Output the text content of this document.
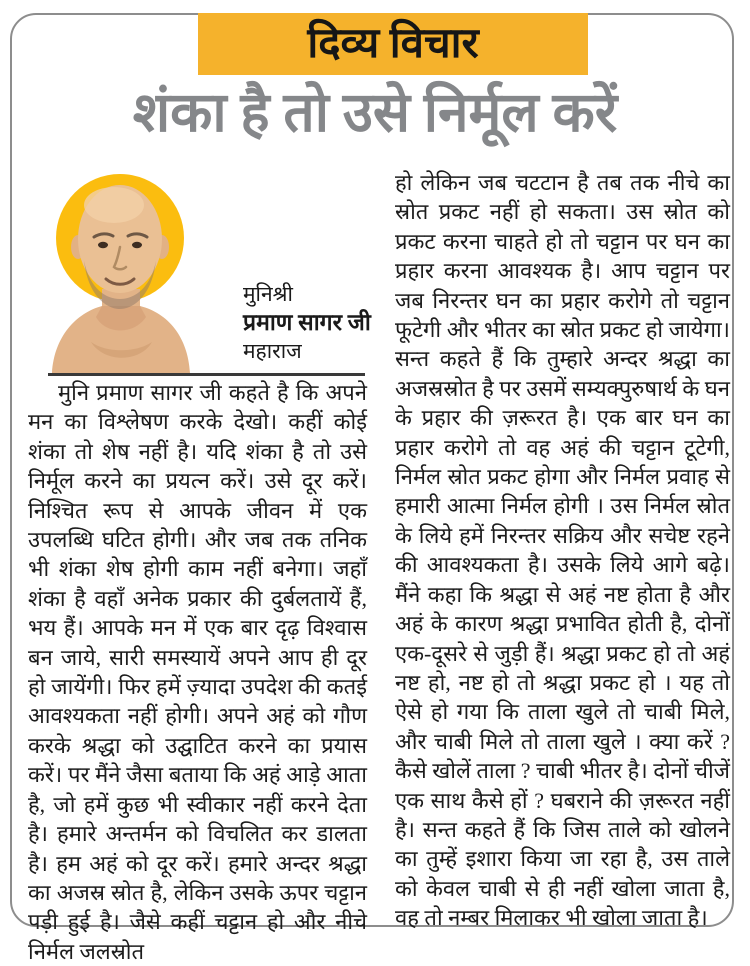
दिव्य विचार
शंका है तो उसे निर्मूल करें
मुनिश्री
प्रमाण सागर जी
महाराज

मुनि प्रमाण सागर जी कहते है कि अपने मन का विश्लेषण करके देखो। कहीं कोई शंका तो शेष नहीं है। यदि शंका है तो उसे निर्मूल करने का प्रयत्न करें। उसे दूर करें। निश्चित रूप से आपके जीवन में एक उपलब्धि घटित होगी। और जब तक तनिक भी शंका शेष होगी काम नहीं बनेगा। जहाँ शंका है वहाँ अनेक प्रकार की दुर्बलतायें हैं, भय हैं। आपके मन में एक बार दृढ़ विश्वास बन जाये, सारी समस्यायें अपने आप ही दूर हो जायेंगी। फिर हमें ज़्यादा उपदेश की कतई आवश्यकता नहीं होगी। अपने अहं को गौण करके श्रद्धा को उद्घाटित करने का प्रयास करें। पर मैंने जैसा बताया कि अहं आड़े आता है, जो हमें कुछ भी स्वीकार नहीं करने देता है। हमारे अन्तर्मन को विचलित कर डालता है। हम अहं को दूर करें। हमारे अन्दर श्रद्धा का अजस्र स्रोत है, लेकिन उसके ऊपर चट्टान पड़ी हुई है। जैसे कहीं चट्टान हो और नीचे निर्मल जलस्रोत

हो लेकिन जब चटटान है तब तक नीचे का स्रोत प्रकट नहीं हो सकता। उस स्रोत को प्रकट करना चाहते हो तो चट्टान पर घन का प्रहार करना आवश्यक है। आप चट्टान पर जब निरन्तर घन का प्रहार करोगे तो चट्टान फूटेगी और भीतर का स्रोत प्रकट हो जायेगा। सन्त कहते हैं कि तुम्हारे अन्दर श्रद्धा का अजस्रस्रोत है पर उसमें सम्यक्पुरुषार्थ के घन के प्रहार की ज़रूरत है। एक बार घन का प्रहार करोगे तो वह अहं की चट्टान टूटेगी, निर्मल स्रोत प्रकट होगा और निर्मल प्रवाह से हमारी आत्मा निर्मल होगी । उस निर्मल स्रोत के लिये हमें निरन्तर सक्रिय और सचेष्ट रहने की आवश्यकता है। उसके लिये आगे बढ़े। मैंने कहा कि श्रद्धा से अहं नष्ट होता है और अहं के कारण श्रद्धा प्रभावित होती है, दोनों एक-दूसरे से जुड़ी हैं। श्रद्धा प्रकट हो तो अहं नष्ट हो, नष्ट हो तो श्रद्धा प्रकट हो । यह तो ऐसे हो गया कि ताला खुले तो चाबी मिले, और चाबी मिले तो ताला खुले । क्या करें ? कैसे खोलें ताला ? चाबी भीतर है। दोनों चीजें एक साथ कैसे हों ? घबराने की ज़रूरत नहीं है। सन्त कहते हैं कि जिस ताले को खोलने का तुम्हें इशारा किया जा रहा है, उस ताले को केवल चाबी से ही नहीं खोला जाता है, वह तो नम्बर मिलाकर भी खोला जाता है।
